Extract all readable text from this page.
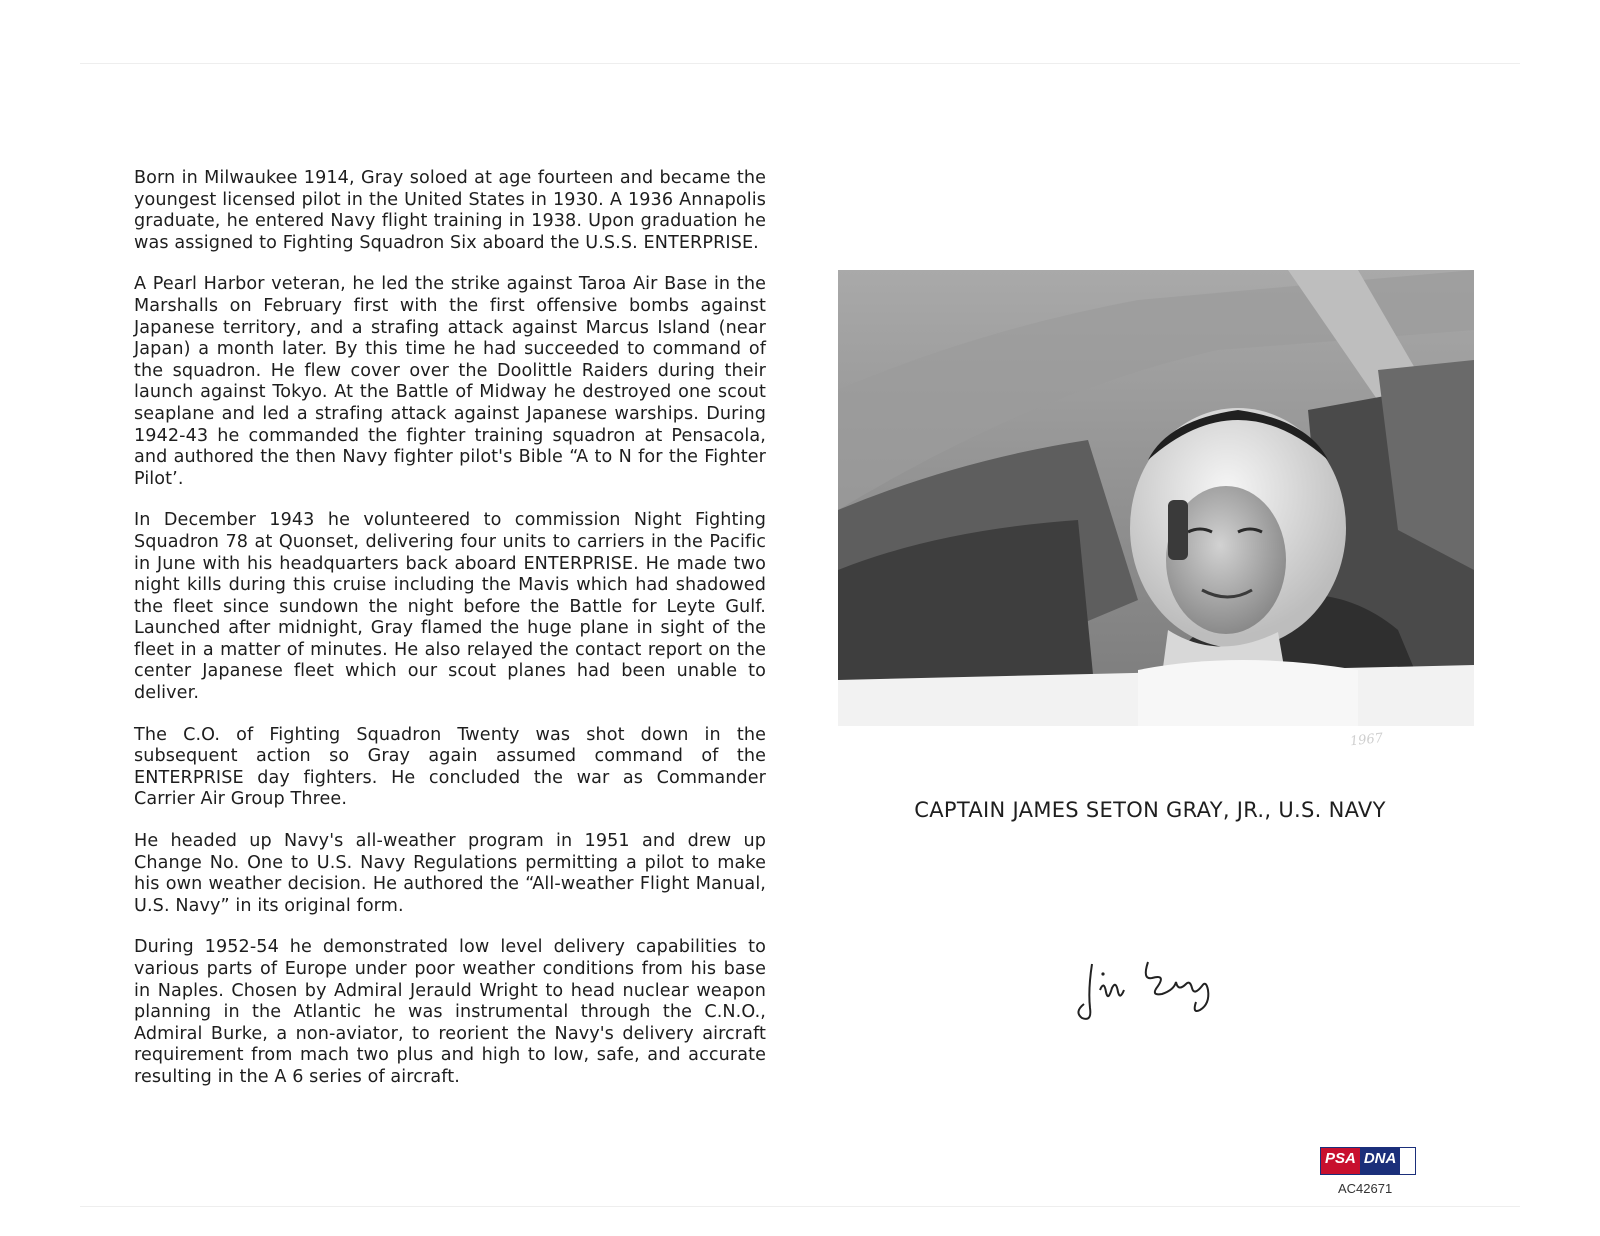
Born in Milwaukee 1914, Gray soloed at age fourteen and became the youngest licensed pilot in the United States in 1930. A 1936 Annapolis graduate, he entered Navy flight training in 1938. Upon graduation he was assigned to Fighting Squadron Six aboard the U.S.S. ENTERPRISE.

A Pearl Harbor veteran, he led the strike against Taroa Air Base in the Marshalls on February first with the first offensive bombs against Japanese territory, and a strafing attack against Marcus Island (near Japan) a month later. By this time he had succeeded to command of the squadron. He flew cover over the Doolittle Raiders during their launch against Tokyo. At the Battle of Midway he destroyed one scout seaplane and led a strafing attack against Japanese warships. During 1942-43 he commanded the fighter training squadron at Pensacola, and authored the then Navy fighter pilot's Bible “A to N for the Fighter Pilot’.

In December 1943 he volunteered to commission Night Fighting Squadron 78 at Quonset, delivering four units to carriers in the Pacific in June with his headquarters back aboard ENTERPRISE. He made two night kills during this cruise including the Mavis which had shadowed the fleet since sundown the night before the Battle for Leyte Gulf. Launched after midnight, Gray flamed the huge plane in sight of the fleet in a matter of minutes. He also relayed the contact report on the center Japanese fleet which our scout planes had been unable to deliver.

The C.O. of Fighting Squadron Twenty was shot down in the subsequent action so Gray again assumed command of the ENTERPRISE day fighters. He concluded the war as Commander Carrier Air Group Three.

He headed up Navy's all-weather program in 1951 and drew up Change No. One to U.S. Navy Regulations permitting a pilot to make his own weather decision. He authored the “All-weather Flight Manual, U.S. Navy” in its original form.

During 1952-54 he demonstrated low level delivery capabilities to various parts of Europe under poor weather conditions from his base in Naples. Chosen by Admiral Jerauld Wright to head nuclear weapon planning in the Atlantic he was instrumental through the C.N.O., Admiral Burke, a non-aviator, to reorient the Navy's delivery aircraft requirement from mach two plus and high to low, safe, and accurate resulting in the A 6 series of aircraft.

1967
CAPTAIN JAMES SETON GRAY, JR., U.S. NAVY
PSA DNA
AC42671
